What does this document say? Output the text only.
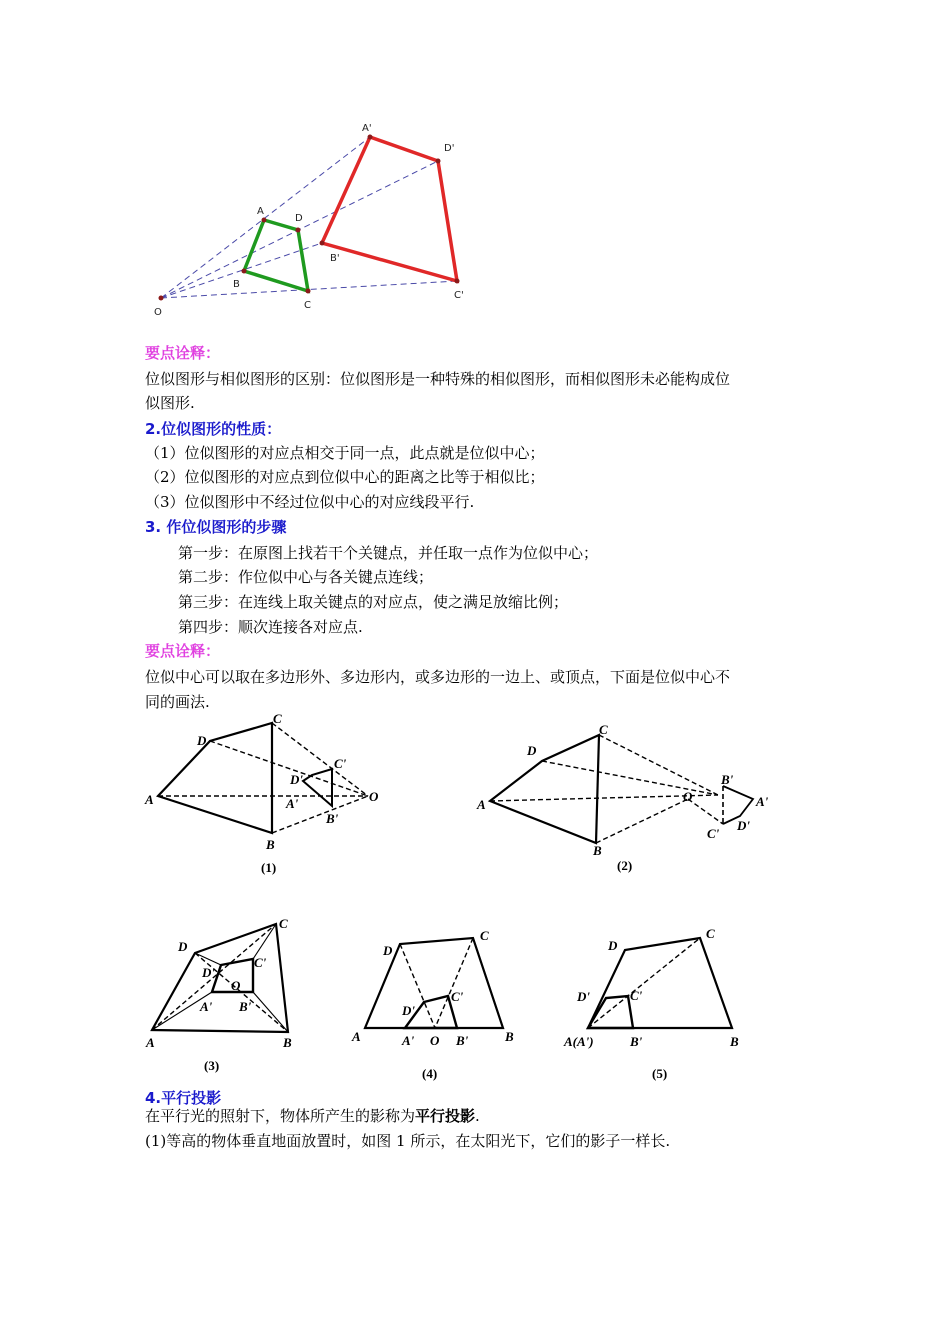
A'
D'
A
D
B'
B
C
C'
O
要点诠释：
位似图形与相似图形的区别：位似图形是一种特殊的相似图形，而相似图形未必能构成位
似图形.
2.位似图形的性质：
（1）位似图形的对应点相交于同一点，此点就是位似中心；
（2）位似图形的对应点到位似中心的距离之比等于相似比；
（3）位似图形中不经过位似中心的对应线段平行.
3. 作位似图形的步骤
第一步：在原图上找若干个关键点，并任取一点作为位似中心；
第二步：作位似中心与各关键点连线；
第三步：在连线上取关键点的对应点，使之满足放缩比例；
第四步：顺次连接各对应点.
要点诠释：
位似中心可以取在多边形外、多边形内，或多边形的一边上、或顶点，下面是位似中心不
同的画法.
A
D
C
B
D'
A'
C'
B'
O
(1)
A
D
C
B
O
B'
A'
D'
C'
(2)
D
C
D'
C'
O
A' B'
A	B
(3)
D
C
D'
C'
A	A' O B'	B
(4)
D
C
D'	C'
A(A')	B'	B
(5)
4.平行投影
在平行光的照射下，物体所产生的影称为平行投影.
(1)等高的物体垂直地面放置时，如图 1 所示，在太阳光下，它们的影子一样长.
